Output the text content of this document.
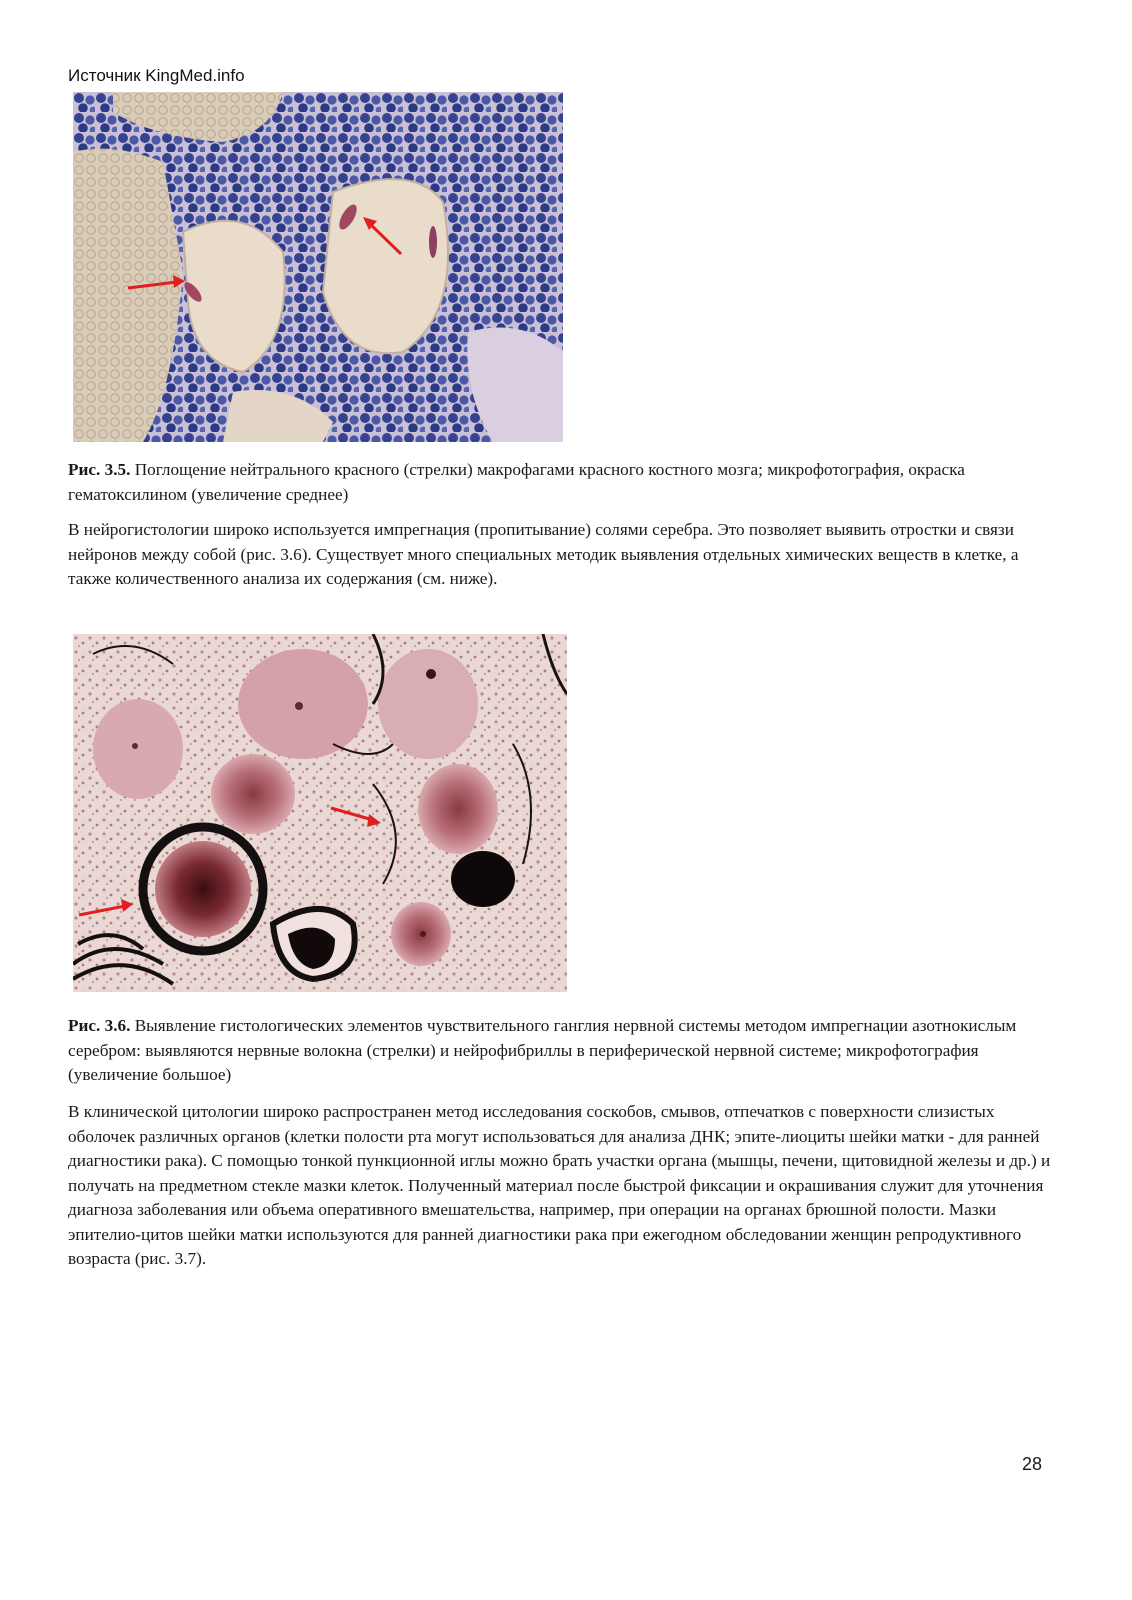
Источник KingMed.info
Рис. 3.5. Поглощение нейтрального красного (стрелки) макрофагами красного костного мозга; микрофотография, окраска гематоксилином (увеличение среднее)
В нейрогистологии широко используется импрегнация (пропитывание) солями серебра. Это позволяет выявить отростки и связи нейронов между собой (рис. 3.6). Существует много специальных методик выявления отдельных химических веществ в клетке, а также количественного анализа их содержания (см. ниже).
Рис. 3.6. Выявление гистологических элементов чувствительного ганглия нервной системы методом импрегнации азотнокислым серебром: выявляются нервные волокна (стрелки) и нейрофибриллы в периферической нервной системе; микрофотография (увеличение большое)
В клинической цитологии широко распространен метод исследования соскобов, смывов, отпечатков с поверхности слизистых оболочек различных органов (клетки полости рта могут использоваться для анализа ДНК; эпите-лиоциты шейки матки - для ранней диагностики рака). С помощью тонкой пункционной иглы можно брать участки органа (мышцы, печени, щитовидной железы и др.) и получать на предметном стекле мазки клеток. Полученный материал после быстрой фиксации и окрашивания служит для уточнения диагноза заболевания или объема оперативного вмешательства, например, при операции на органах брюшной полости. Мазки эпителио-цитов шейки матки используются для ранней диагностики рака при ежегодном обследовании женщин репродуктивного возраста (рис. 3.7).
28
